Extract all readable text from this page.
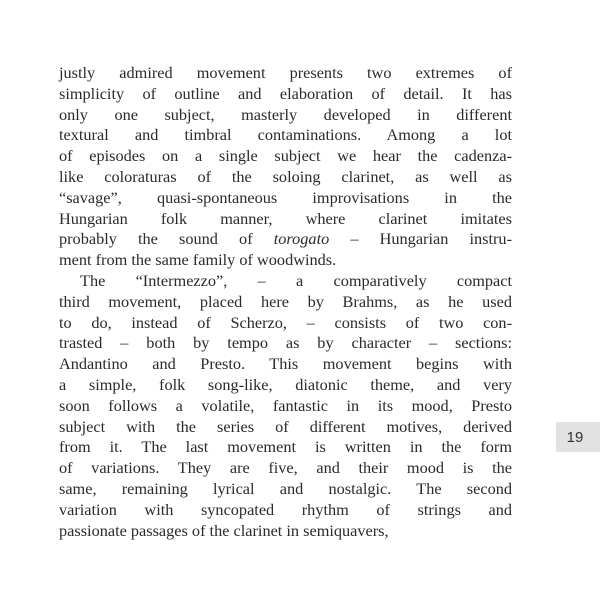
justly admired movement presents two extremes of
simplicity of outline and elaboration of detail. It has
only one subject, masterly developed in different
textural and timbral contaminations. Among a lot
of episodes on a single subject we hear the cadenza-
like coloraturas of the soloing clarinet, as well as
“savage”, quasi-spontaneous improvisations in the
Hungarian folk manner, where clarinet imitates
probably the sound of torogato – Hungarian instru-
ment from the same family of woodwinds.
The “Intermezzo”, – a comparatively compact
third movement, placed here by Brahms, as he used
to do, instead of Scherzo, – consists of two con-
trasted – both by tempo as by character – sections:
Andantino and Presto. This movement begins with
a simple, folk song-like, diatonic theme, and very
soon follows a volatile, fantastic in its mood, Presto
subject with the series of different motives, derived
from it. The last movement is written in the form
of variations. They are five, and their mood is the
same, remaining lyrical and nostalgic. The second
variation with syncopated rhythm of strings and
passionate passages of the clarinet in semiquavers,
19
